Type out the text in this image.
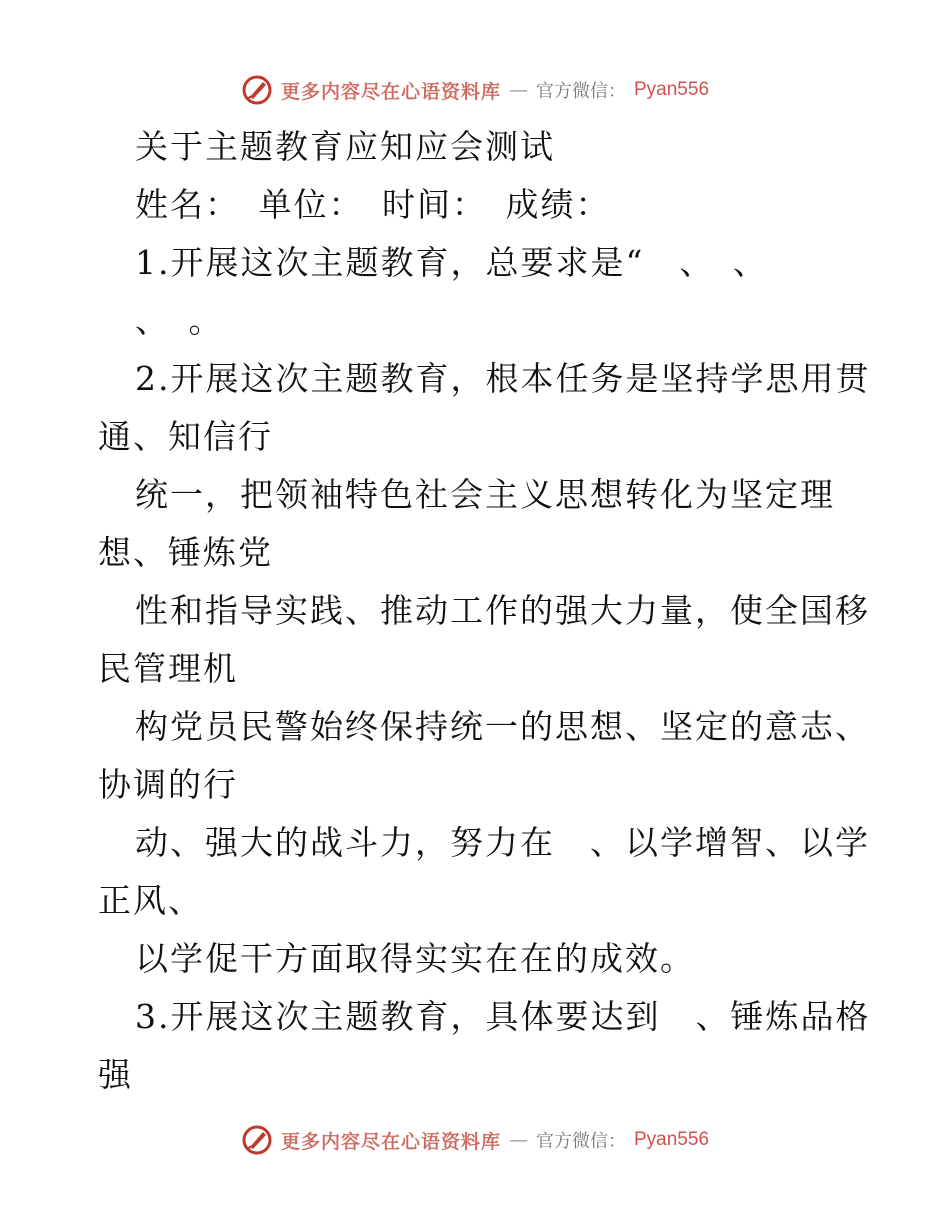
更多内容尽在心语资料库 — 官方微信： Pyan556
关于主题教育应知应会测试
姓名：　单位：　时间：　成绩：
1.开展这次主题教育，总要求是“　、　、
、　。
2.开展这次主题教育，根本任务是坚持学思用贯
通、知信行
统一，把领袖特色社会主义思想转化为坚定理
想、锤炼党
性和指导实践、推动工作的强大力量，使全国移
民管理机
构党员民警始终保持统一的思想、坚定的意志、
协调的行
动、强大的战斗力，努力在　、以学增智、以学
正风、
以学促干方面取得实实在在的成效。
3.开展这次主题教育，具体要达到　、锤炼品格
强
更多内容尽在心语资料库 — 官方微信： Pyan556
